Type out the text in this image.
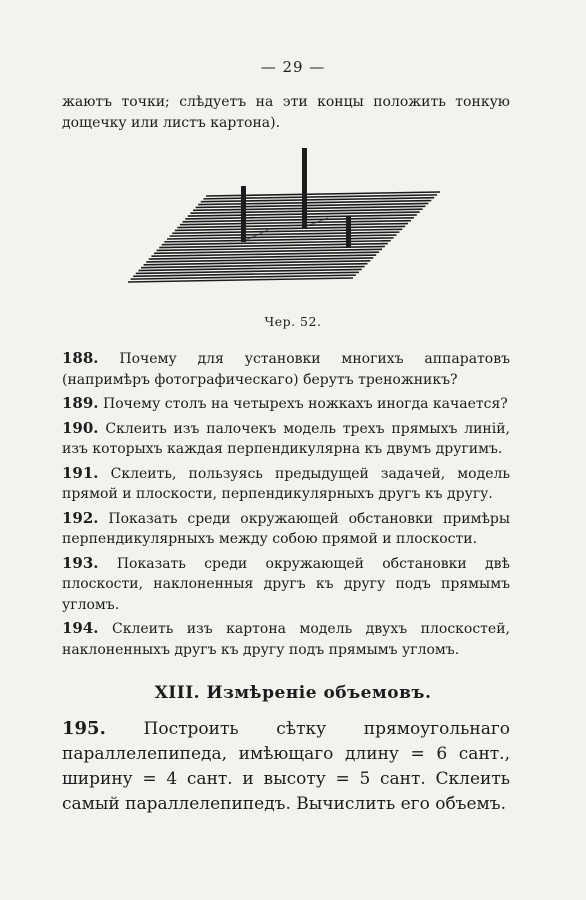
— 29 —
жаютъ точки; слѣдуетъ на эти концы положить тонкую дощечку или листъ картона).
Чер. 52.
188. Почему для установки многихъ аппаратовъ (напримѣръ фотографическаго) берутъ треножникъ?
189. Почему столъ на четырехъ ножкахъ иногда качается?
190. Склеить изъ палочекъ модель трехъ прямыхъ линій, изъ которыхъ каждая перпендикулярна къ двумъ другимъ.
191. Склеить, пользуясь предыдущей задачей, модель прямой и плоскости, перпендикулярныхъ другъ къ другу.
192. Показать среди окружающей обстановки примѣры перпендикулярныхъ между собою прямой и плоскости.
193. Показать среди окружающей обстановки двѣ плоскости, наклоненныя другъ къ другу подъ прямымъ угломъ.
194. Склеить изъ картона модель двухъ плоскостей, наклоненныхъ другъ къ другу подъ прямымъ угломъ.
XIII. Измѣреніе объемовъ.
195. Построить сѣтку прямоугольнаго параллелепипеда, имѣющаго длину = 6 сант., ширину = 4 сант. и высоту = 5 сант. Склеить самый параллелепипедъ. Вычислить его объемъ.
